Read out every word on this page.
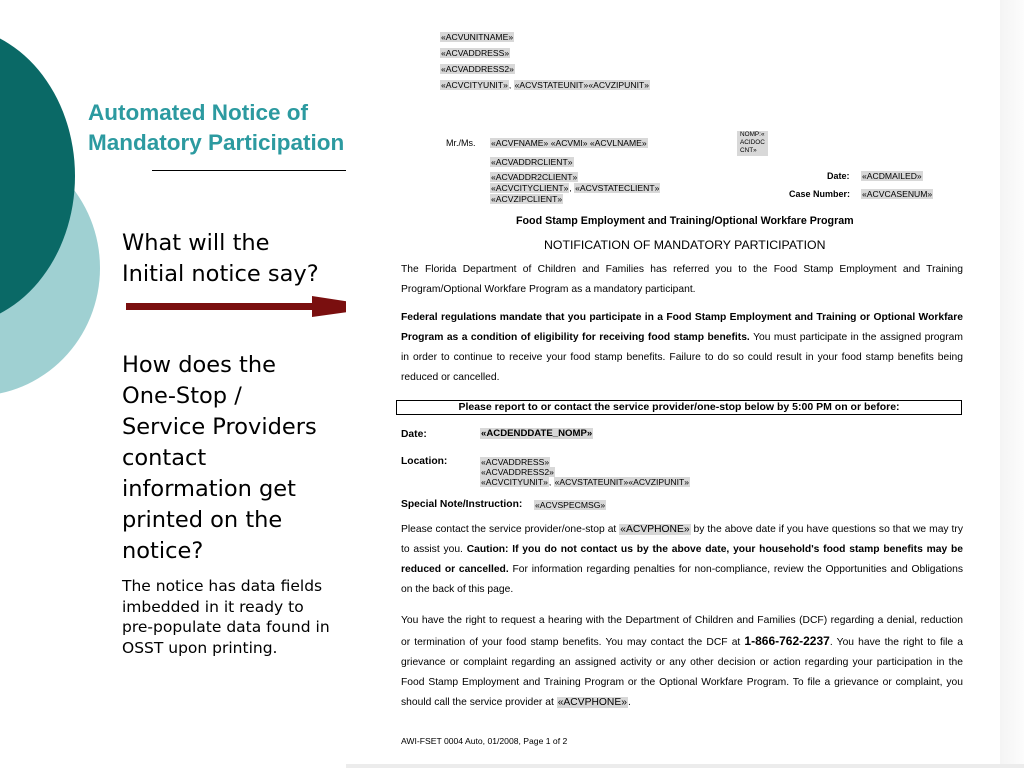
Automated Notice of
Mandatory Participation
What will the
Initial notice say?
How does the
One-Stop /
Service Providers
contact
information get
printed on the
notice?
The notice has data fields
imbedded in it ready to
pre-populate data found in
OSST upon printing.
«ACVUNITNAME»
«ACVADDRESS»
«ACVADDRESS2»
«ACVCITYUNIT», «ACVSTATEUNIT»«ACVZIPUNIT»
Mr./Ms. «ACVFNAME» «ACVMI» «ACVLNAME»
NOMP:«
ACIDOC
CNT»
«ACVADDRCLIENT»
«ACVADDR2CLIENT»
«ACVCITYCLIENT», «ACVSTATECLIENT»
«ACVZIPCLIENT»
Date: «ACDMAILED»
Case Number: «ACVCASENUM»
Food Stamp Employment and Training/Optional Workfare Program
NOTIFICATION OF MANDATORY PARTICIPATION
The Florida Department of Children and Families has referred you to the Food Stamp Employment and Training Program/Optional Workfare Program as a mandatory participant.
Federal regulations mandate that you participate in a Food Stamp Employment and Training or Optional Workfare Program as a condition of eligibility for receiving food stamp benefits. You must participate in the assigned program in order to continue to receive your food stamp benefits. Failure to do so could result in your food stamp benefits being reduced or cancelled.
Please report to or contact the service provider/one-stop below by 5:00 PM on or before:
Date:	«ACDENDDATE_NOMP»
Location:	«ACVADDRESS»
«ACVADDRESS2»
«ACVCITYUNIT», «ACVSTATEUNIT»«ACVZIPUNIT»
Special Note/Instruction: «ACVSPECMSG»
Please contact the service provider/one-stop at «ACVPHONE» by the above date if you have questions so that we may try to assist you. Caution: If you do not contact us by the above date, your household's food stamp benefits may be reduced or cancelled. For information regarding penalties for non-compliance, review the Opportunities and Obligations on the back of this page.
You have the right to request a hearing with the Department of Children and Families (DCF) regarding a denial, reduction or termination of your food stamp benefits. You may contact the DCF at 1-866-762-2237. You have the right to file a grievance or complaint regarding an assigned activity or any other decision or action regarding your participation in the Food Stamp Employment and Training Program or the Optional Workfare Program. To file a grievance or complaint, you should call the service provider at «ACVPHONE».
AWI-FSET 0004 Auto, 01/2008, Page 1 of 2
